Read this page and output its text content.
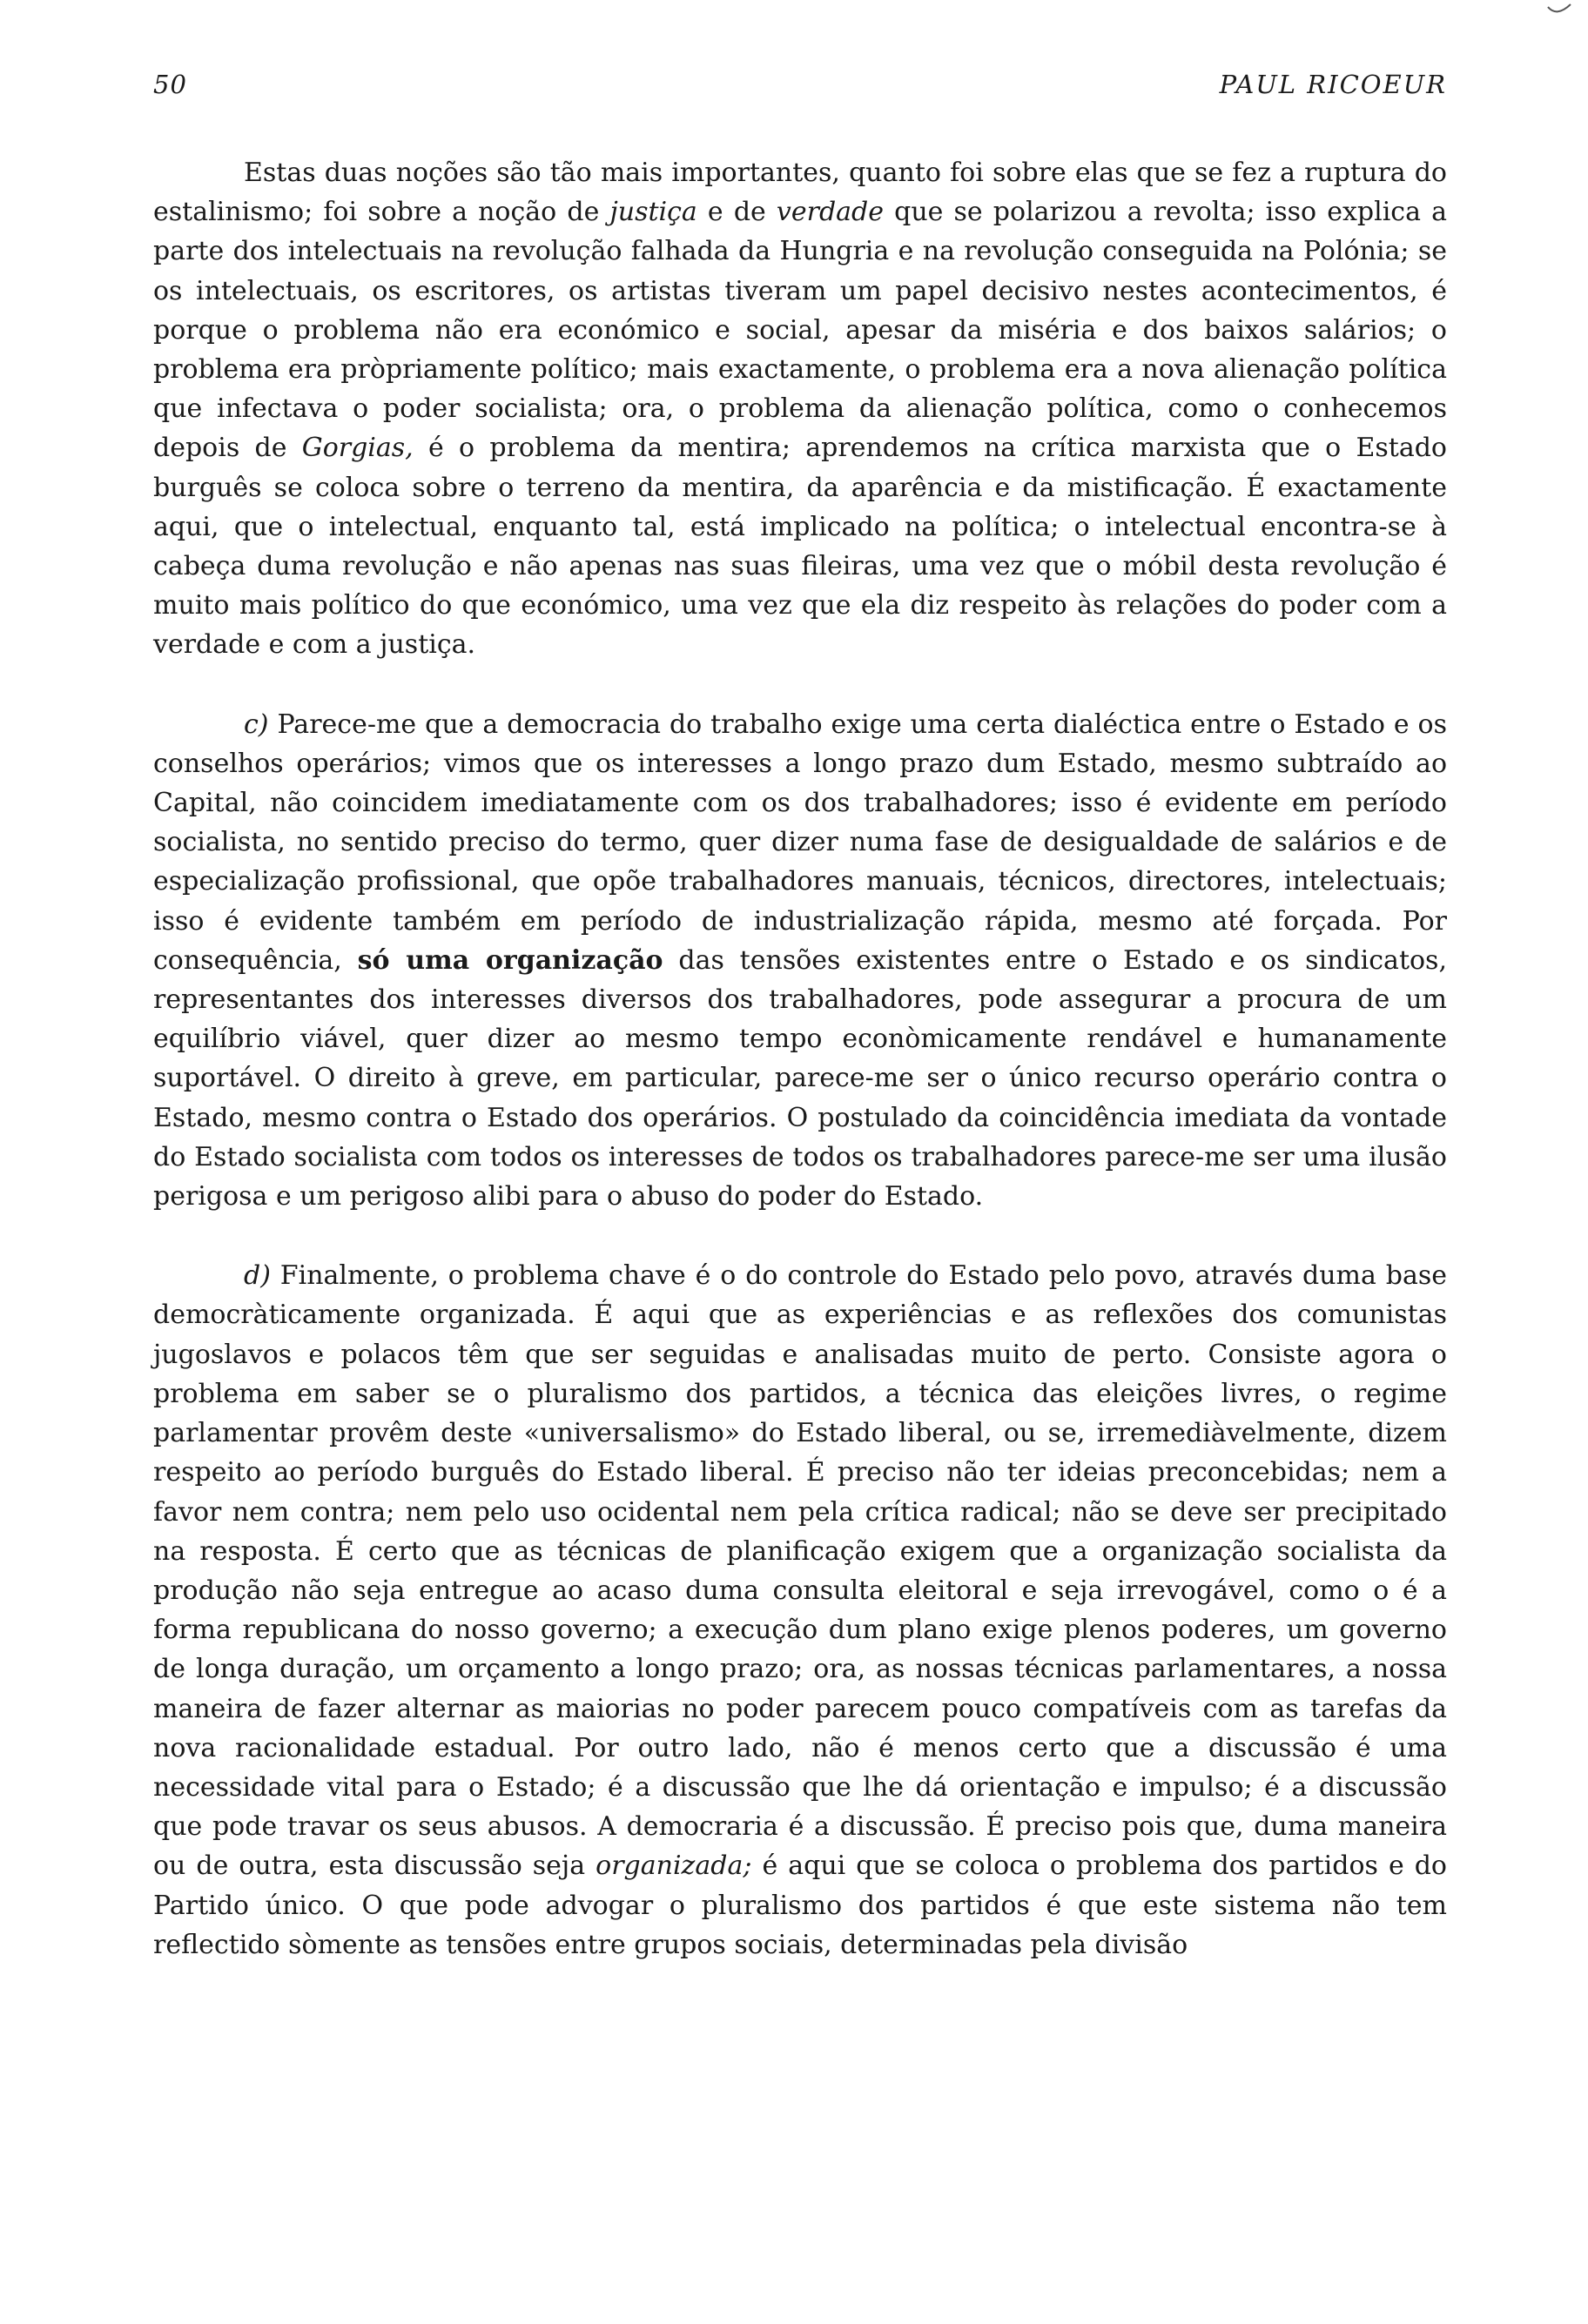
50	PAUL RICOEUR

Estas duas noções são tão mais importantes, quanto foi sobre elas que se fez a ruptura do estalinismo; foi sobre a noção de justiça e de verdade que se polarizou a revolta; isso explica a parte dos intelectuais na revolução falhada da Hungria e na revolução conseguida na Polónia; se os intelectuais, os escritores, os artistas tiveram um papel decisivo nestes acontecimentos, é porque o problema não era económico e social, apesar da miséria e dos baixos salários; o problema era pròpriamente político; mais exactamente, o problema era a nova alienação política que infectava o poder socialista; ora, o problema da alienação política, como o conhecemos depois de Gorgias, é o problema da mentira; aprendemos na crítica marxista que o Estado burguês se coloca sobre o terreno da mentira, da aparência e da mistificação. É exactamente aqui, que o intelectual, enquanto tal, está implicado na política; o intelectual encontra-se à cabeça duma revolução e não apenas nas suas fileiras, uma vez que o móbil desta revolução é muito mais político do que económico, uma vez que ela diz respeito às relações do poder com a verdade e com a justiça.

c) Parece-me que a democracia do trabalho exige uma certa dialéctica entre o Estado e os conselhos operários; vimos que os interesses a longo prazo dum Estado, mesmo subtraído ao Capital, não coincidem imediatamente com os dos trabalhadores; isso é evidente em período socialista, no sentido preciso do termo, quer dizer numa fase de desigualdade de salários e de especialização profissional, que opõe trabalhadores manuais, técnicos, directores, intelectuais; isso é evidente também em período de industrialização rápida, mesmo até forçada. Por consequência, só uma organização das tensões existentes entre o Estado e os sindicatos, representantes dos interesses diversos dos trabalhadores, pode assegurar a procura de um equilíbrio viável, quer dizer ao mesmo tempo econòmicamente rendável e humanamente suportável. O direito à greve, em particular, parece-me ser o único recurso operário contra o Estado, mesmo contra o Estado dos operários. O postulado da coincidência imediata da vontade do Estado socialista com todos os interesses de todos os trabalhadores parece-me ser uma ilusão perigosa e um perigoso alibi para o abuso do poder do Estado.

d) Finalmente, o problema chave é o do controle do Estado pelo povo, através duma base democràticamente organizada. É aqui que as experiências e as reflexões dos comunistas jugoslavos e polacos têm que ser seguidas e analisadas muito de perto. Consiste agora o problema em saber se o pluralismo dos partidos, a técnica das eleições livres, o regime parlamentar provêm deste «universalismo» do Estado liberal, ou se, irremediàvelmente, dizem respeito ao período burguês do Estado liberal. É preciso não ter ideias preconcebidas; nem a favor nem contra; nem pelo uso ocidental nem pela crítica radical; não se deve ser precipitado na resposta. É certo que as técnicas de planificação exigem que a organização socialista da produção não seja entregue ao acaso duma consulta eleitoral e seja irrevogável, como o é a forma republicana do nosso governo; a execução dum plano exige plenos poderes, um governo de longa duração, um orçamento a longo prazo; ora, as nossas técnicas parlamentares, a nossa maneira de fazer alternar as maiorias no poder parecem pouco compatíveis com as tarefas da nova racionalidade estadual. Por outro lado, não é menos certo que a discussão é uma necessidade vital para o Estado; é a discussão que lhe dá orientação e impulso; é a discussão que pode travar os seus abusos. A democraria é a discussão. É preciso pois que, duma maneira ou de outra, esta discussão seja organizada; é aqui que se coloca o problema dos partidos e do Partido único. O que pode advogar o pluralismo dos partidos é que este sistema não tem reflectido sòmente as tensões entre grupos sociais, determinadas pela divisão
